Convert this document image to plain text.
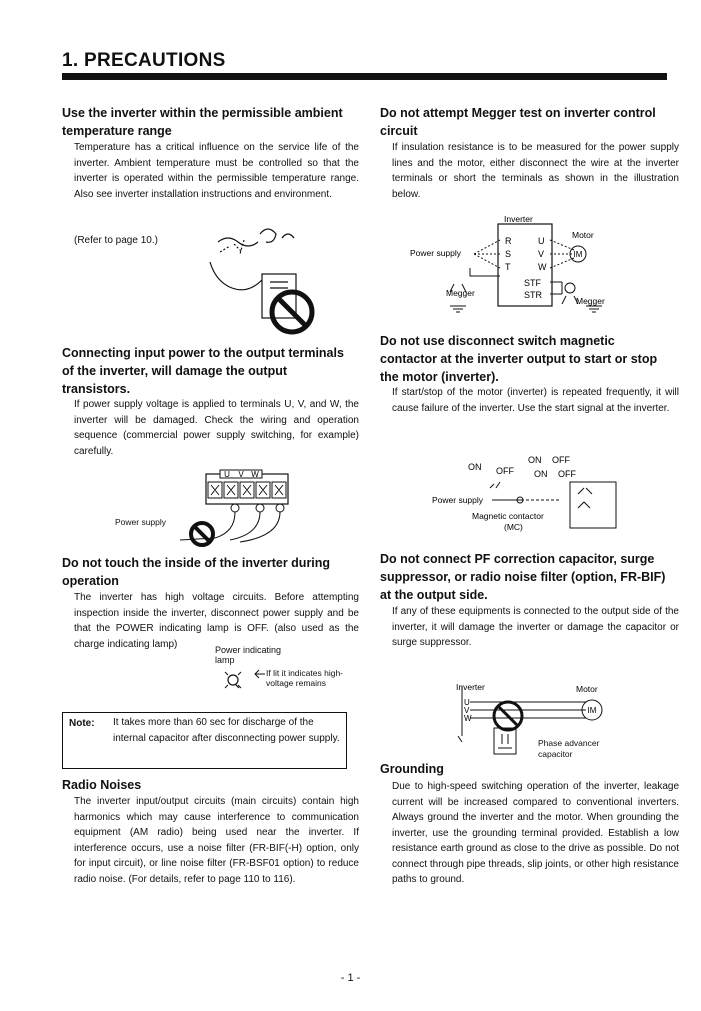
1. PRECAUTIONS
Use the inverter within the permissible ambient temperature range
Temperature has a critical influence on the service life of the inverter. Ambient temperature must be controlled so that the inverter is operated within the permissible temperature range. Also see inverter installation instructions and environment.
(Refer to page 10.)
Connecting input power to the output terminals of the inverter, will damage the output transistors.
If power supply voltage is applied to terminals U, V, and W, the inverter will be damaged. Check the wiring and operation sequence (commercial power supply switching, for example) carefully.
U V W
Power supply
Do not touch the inside of the inverter during operation
The inverter has high voltage circuits. Before attempting inspection inside the inverter, disconnect power supply and be that the POWER indicating lamp is OFF. (also used as the charge indicating lamp)
Power indicating lamp
If lit it indicates high-voltage remains
Note: It takes more than 60 sec for discharge of the internal capacitor after disconnecting power supply.
Radio Noises
The inverter input/output circuits (main circuits) contain high harmonics which may cause interference to communication equipment (AM radio) being used near the inverter. If interference occurs, use a noise filter (FR-BIF(-H) option, only for input circuit), or line noise filter (FR-BSF01 option) to reduce radio noise. (For details, refer to page 110 to 116).
Do not attempt Megger test on inverter control circuit
If insulation resistance is to be measured for the power supply lines and the motor, either disconnect the wire at the inverter terminals or short the terminals as shown in the illustration below.
Inverter
Motor
Power supply	IM
Megger
Megger
R
S
T
U
V
W
STF
STR
Do not use disconnect switch magnetic contactor at the inverter output to start or stop the motor (inverter).
If start/stop of the motor (inverter) is repeated frequently, it will cause failure of the inverter. Use the start signal at the inverter.
ON OFF
ON OFF
ON OFF
Power supply
Magnetic contactor
(MC)
Do not connect PF correction capacitor, surge suppressor, or radio noise filter (option, FR-BIF) at the output side.
If any of these equipments is connected to the output side of the inverter, it will damage the inverter or damage the capacitor or surge suppressor.
Inverter	Motor
IM
U
V
W
Phase advancer capacitor
Grounding
Due to high-speed switching operation of the inverter, leakage current will be increased compared to conventional inverters. Always ground the inverter and the motor. When grounding the inverter, use the grounding terminal provided. Establish a low resistance earth ground as close to the drive as possible. Do not connect through pipe threads, slip joints, or other high resistance paths to ground.
- 1 -
